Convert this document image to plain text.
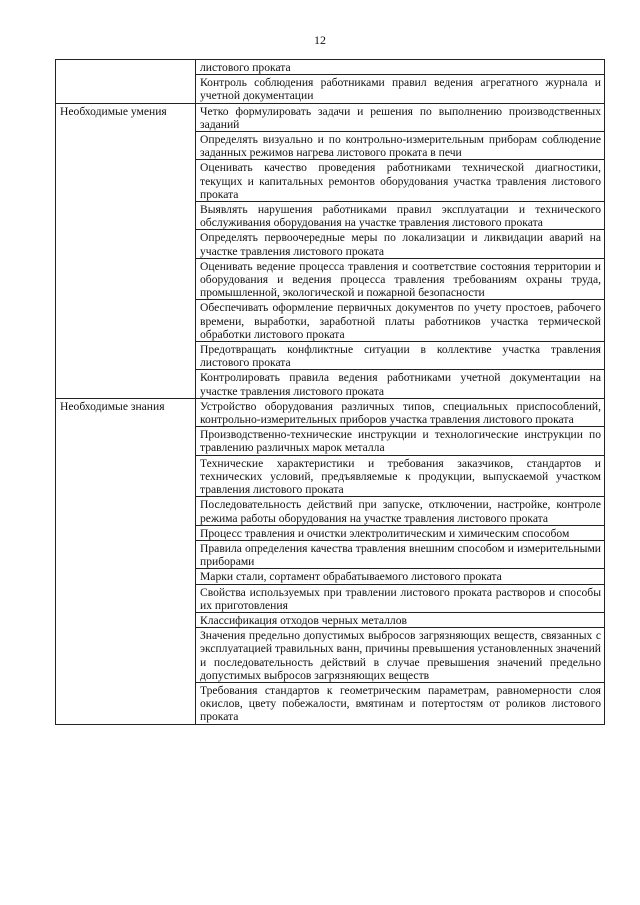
12
	листового проката
	Контроль соблюдения работниками правил ведения агрегатного журнала и учетной документации
Необходимые умения	Четко формулировать задачи и решения по выполнению производственных заданий
	Определять визуально и по контрольно-измерительным приборам соблюдение заданных режимов нагрева листового проката в печи
	Оценивать качество проведения работниками технической диагностики, текущих и капитальных ремонтов оборудования участка травления листового проката
	Выявлять нарушения работниками правил эксплуатации и технического обслуживания оборудования на участке травления листового проката
	Определять первоочередные меры по локализации и ликвидации аварий на участке травления листового проката
	Оценивать ведение процесса травления и соответствие состояния территории и оборудования и ведения процесса травления требованиям охраны труда, промышленной, экологической и пожарной безопасности
	Обеспечивать оформление первичных документов по учету простоев, рабочего времени, выработки, заработной платы работников участка термической обработки листового проката
	Предотвращать конфликтные ситуации в коллективе участка травления листового проката
	Контролировать правила ведения работниками учетной документации на участке травления листового проката
Необходимые знания	Устройство оборудования различных типов, специальных приспособлений, контрольно-измерительных приборов участка травления листового проката
	Производственно-технические инструкции и технологические инструкции по травлению различных марок металла
	Технические характеристики и требования заказчиков, стандартов и технических условий, предъявляемые к продукции, выпускаемой участком травления листового проката
	Последовательность действий при запуске, отключении, настройке, контроле режима работы оборудования на участке травления листового проката
	Процесс травления и очистки электролитическим и химическим способом
	Правила определения качества травления внешним способом и измерительными приборами
	Марки стали, сортамент обрабатываемого листового проката
	Свойства используемых при травлении листового проката растворов и способы их приготовления
	Классификация отходов черных металлов
	Значения предельно допустимых выбросов загрязняющих веществ, связанных с эксплуатацией травильных ванн, причины превышения установленных значений и последовательность действий в случае превышения значений предельно допустимых выбросов загрязняющих веществ
	Требования стандартов к геометрическим параметрам, равномерности слоя окислов, цвету побежалости, вмятинам и потертостям от роликов листового проката
